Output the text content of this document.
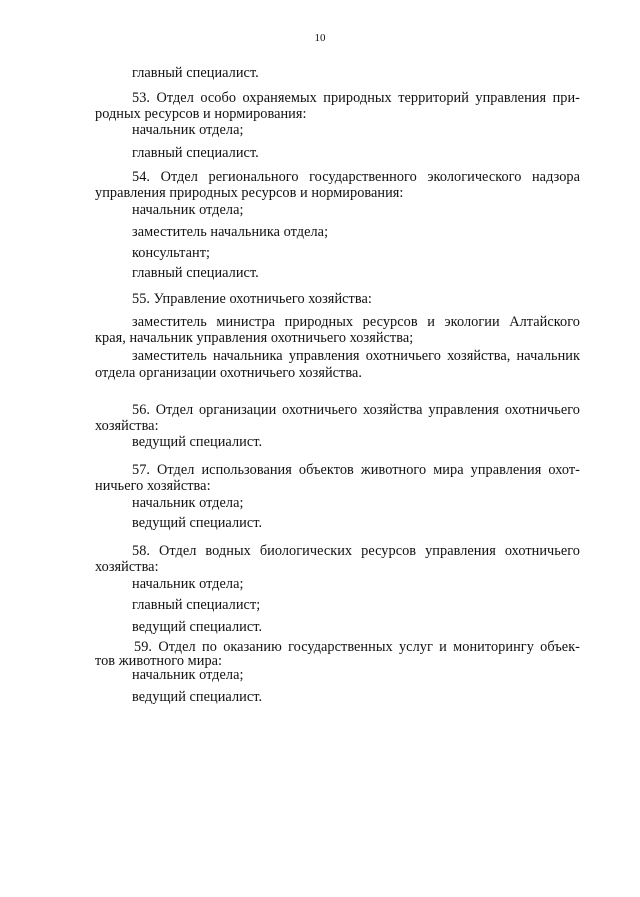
10
главный специалист.
53. Отдел особо охраняемых природных территорий управления при-
родных ресурсов и нормирования:
начальник отдела;
главный специалист.
54. Отдел регионального государственного экологического надзора
управления природных ресурсов и нормирования:
начальник отдела;
заместитель начальника отдела;
консультант;
главный специалист.
55. Управление охотничьего хозяйства:
заместитель министра природных ресурсов и экологии Алтайского
края, начальник управления охотничьего хозяйства;
заместитель начальника управления охотничьего хозяйства, начальник
отдела организации охотничьего хозяйства.
56. Отдел организации охотничьего хозяйства управления охотничьего
хозяйства:
ведущий специалист.
57. Отдел использования объектов животного мира управления охот-
ничьего хозяйства:
начальник отдела;
ведущий специалист.
58. Отдел водных биологических ресурсов управления охотничьего
хозяйства:
начальник отдела;
главный специалист;
ведущий специалист.
59. Отдел по оказанию государственных услуг и мониторингу объек-
тов животного мира:
начальник отдела;
ведущий специалист.
